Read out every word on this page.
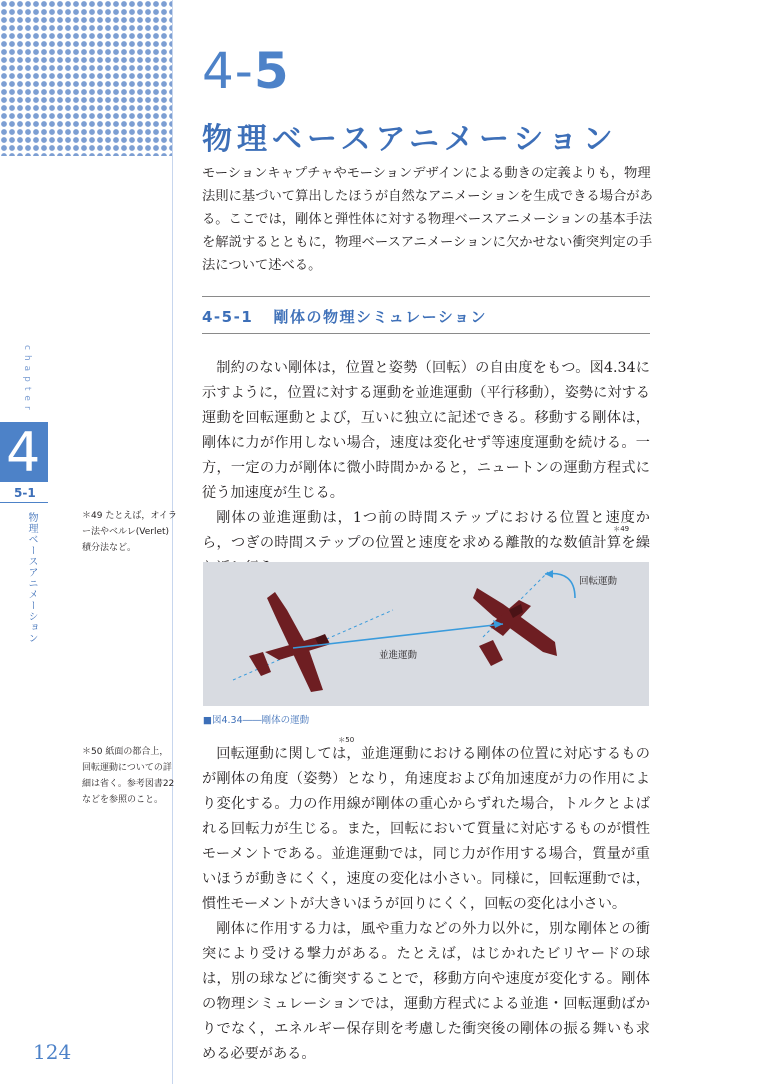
4-5
物理ベースアニメーション
モーションキャプチャやモーションデザインによる動きの定義よりも，物理法則に基づいて算出したほうが自然なアニメーションを生成できる場合がある。ここでは，剛体と弾性体に対する物理ベースアニメーションの基本手法を解説するとともに，物理ベースアニメーションに欠かせない衝突判定の手法について述べる。
4-5-1 剛体の物理シミュレーション

制約のない剛体は，位置と姿勢（回転）の自由度をもつ。図4.34に示すように，位置に対する運動を並進運動（平行移動），姿勢に対する運動を回転運動とよび，互いに独立に記述できる。移動する剛体は，剛体に力が作用しない場合，速度は変化せず等速度運動を続ける。一方，一定の力が剛体に微小時間かかると，ニュートンの運動方程式に従う加速度が生じる。

剛体の並進運動は，1つ前の時間ステップにおける位置と速度から，つぎの時間ステップの位置と速度を求める離散的な数値計算
＊49
を繰

並進運動
回転運動
■図4.34――剛体の運動

回転運動に関しては
＊50
，並進運動における剛体の位置に対応するものが剛体の角度（姿勢）となり，角速度および角加速度が力の作用により変化する。力の作用線が剛体の重心からずれた場合，トルクとよばれる回転力が生じる。また，回転において質量に対応するものが慣性モーメントである。並進運動では，同じ力が作用する場合，質量が重いほうが動きにくく，速度の変化は小さい。同様に，回転運動では，慣性モーメントが大きいほうが回りにくく，回転の変化は小さい。

剛体に作用する力は，風や重力などの外力以外に，別な剛体との衝突により受ける撃力がある。たとえば，はじかれたビリヤードの球は，別の球などに衝突することで，移動方向や速度が変化する。剛体の物理シミュレーションでは，運動方程式による並進・回転運動ばかりでなく，エネルギー保存則を考慮した衝突後の剛体の振る舞いも求める必要がある。

chapter
4
5-1
物理ベースアニメーション	＊49 たとえば，オイラー法やベルレ(Verlet)積分法など。
＊50 紙面の都合上，回転運動についての詳細は省く。参考図書22などを参照のこと。
124
